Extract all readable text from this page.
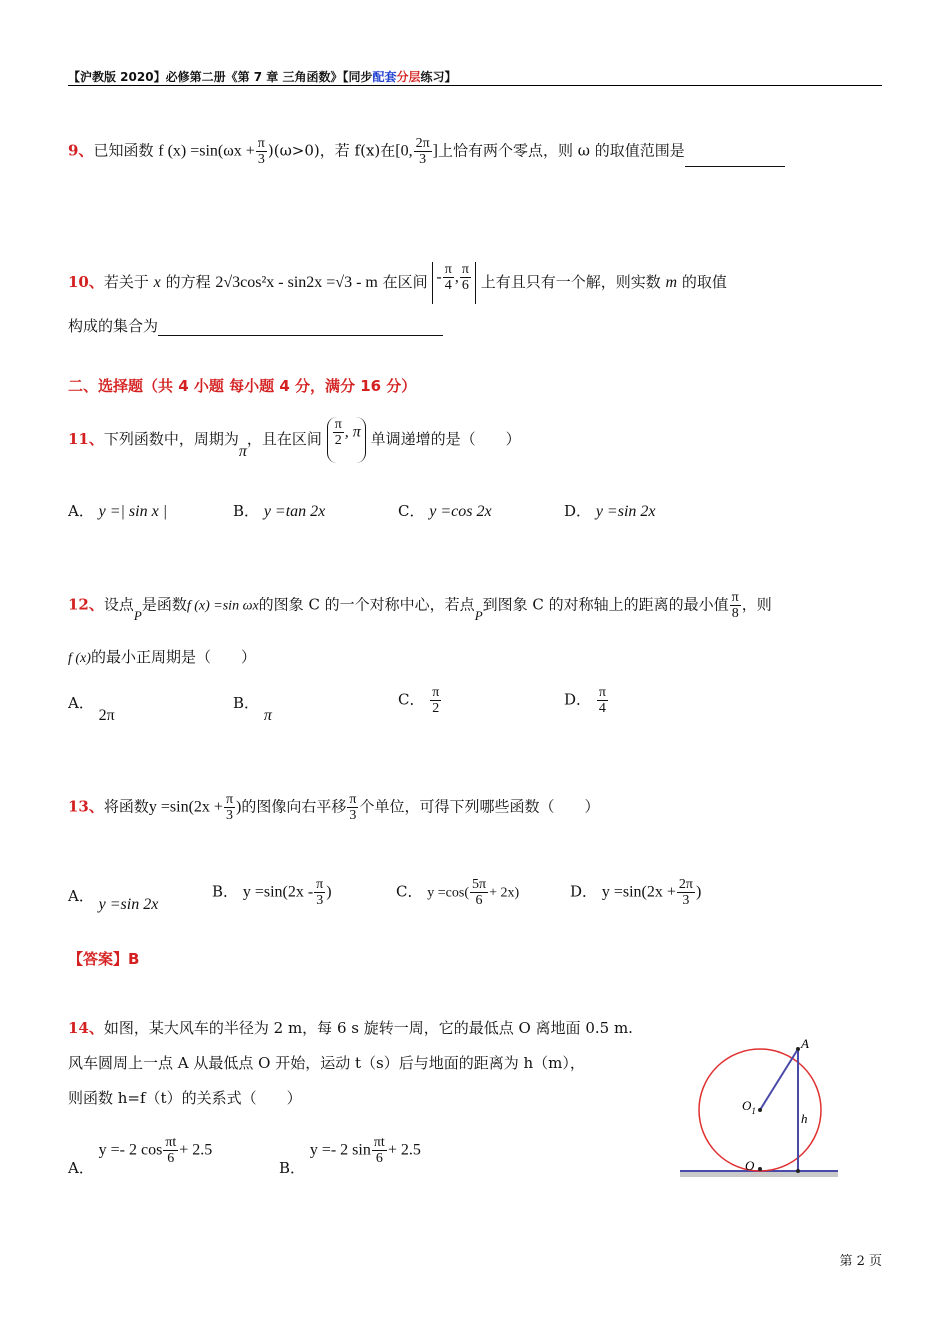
【沪教版 2020】必修第二册《第 7 章 三角函数》【同步配套分层练习】
9、已知函数 f $(x) =\sin(\omega x + \frac{\pi}{3} )(\omega>0)$，若 f(x)在[0, $\frac{2\pi}{3}$ ]上恰有两个零点，则 ω 的取值范围是
10、若关于 x 的方程 2√3cos²x - sin2x =√3 - m 在区间 - $\frac{\pi}{4}$ , $\frac{\pi}{6}$ 上有且只有一个解，则实数 m 的取值
构成的集合为
二、选择题（共 4 小题 每小题 4 分，满分 16 分）
11、下列函数中，周期为π，且在区间 $\frac{\pi}{2}$ , π 单调递增的是（　　）
A． y =| sin x |	B． y =tan 2x	C． y =cos 2x	D． y =sin 2x
12、设点P是函数f (x) =sin ωx的图象 C 的一个对称中心，若点P到图象 C 的对称轴上的距离的最小值 $\frac{\pi}{8}$ ，则
f (x)的最小正周期是（　　）
A． 2π
B． π
C． $\frac{\pi}{2}$	D． $\frac{\pi}{4}$
13、将函数$y =\sin(2x + \frac{\pi}{3}$ )的图像向右平移 $\frac{\pi}{3}$ 个单位，可得下列哪些函数（　　）
A． y =sin 2x
B． $y =\sin(2x - \frac{\pi}{3}$ )	C． $y =\cos( \frac{5\pi}{6} + 2x)$	D． $y =\sin(2x + \frac{2\pi}{3}$ )
【答案】B
14、如图，某大风车的半径为 2 m，每 6 s 旋转一周，它的最低点 O 离地面 0.5 m.
风车圆周上一点 A 从最低点 O 开始，运动 t（s）后与地面的距离为 h（m），
则函数 h=f（t）的关系式（　　）
A． y =- 2 $\cos \frac{\pi t}{6} + 2.5$
B． y =- 2 $\sin \frac{\pi t}{6} + 2.5$
A
$O_1$	h
O
第 2 页
